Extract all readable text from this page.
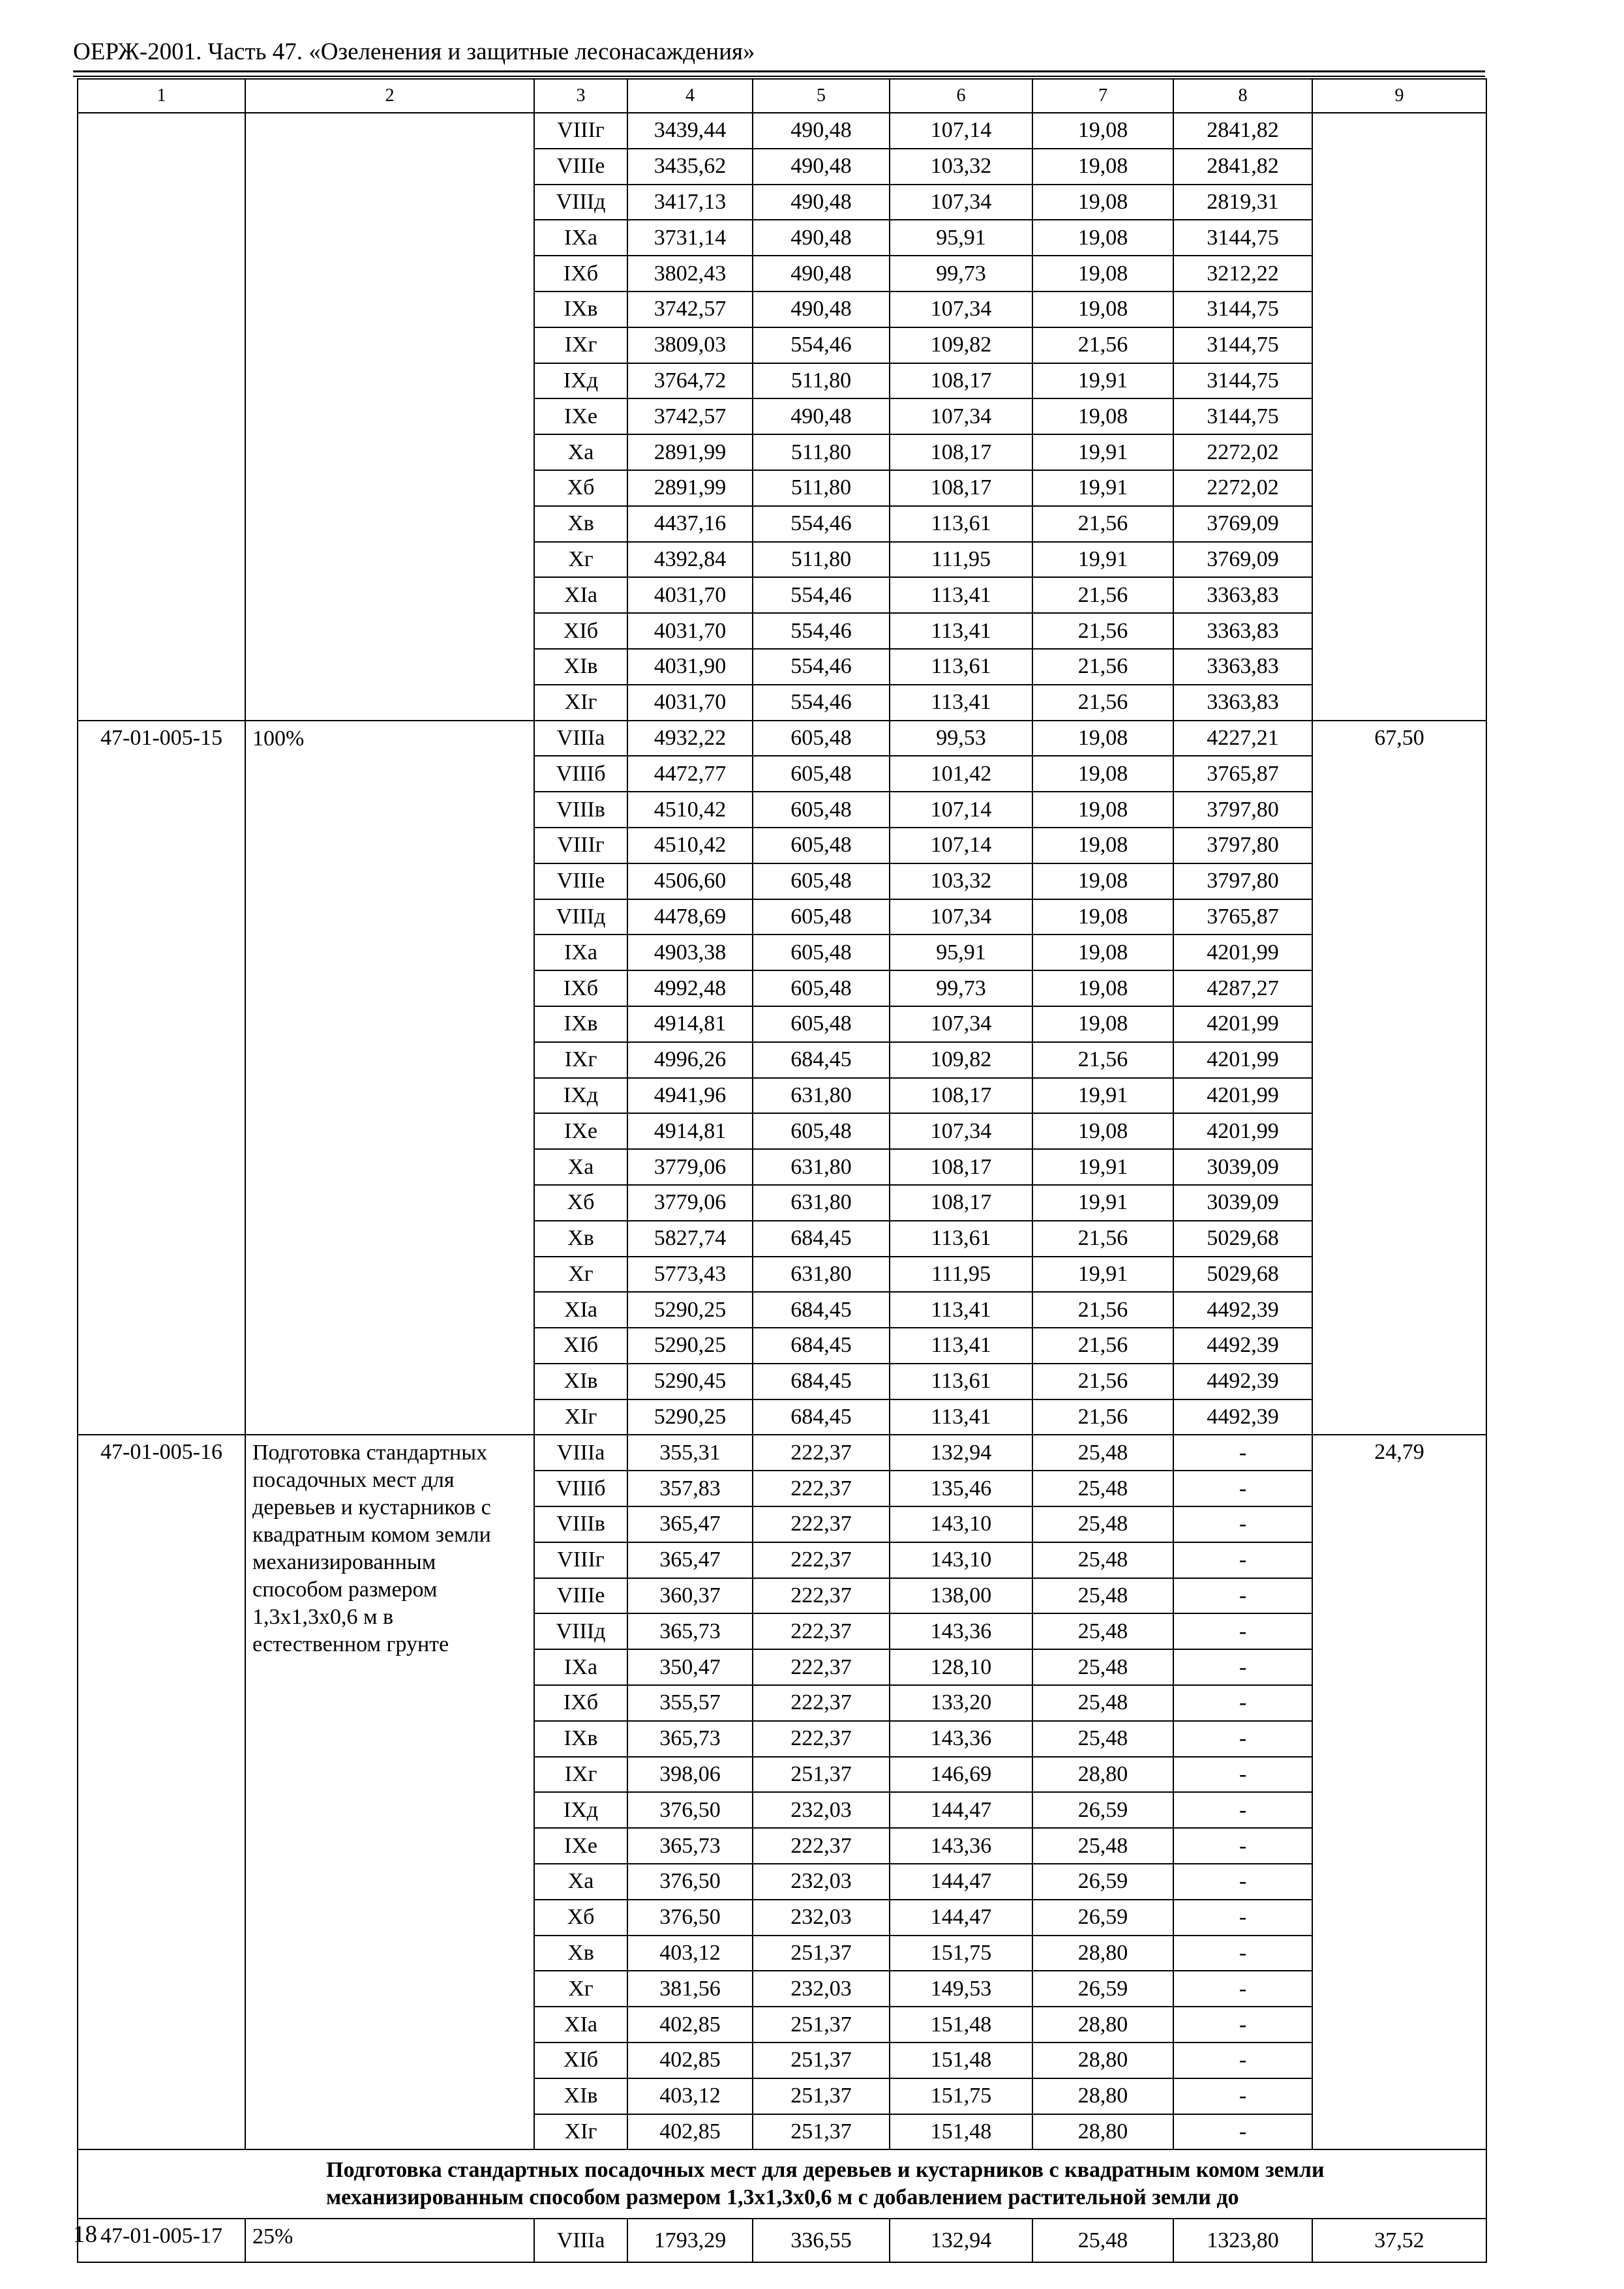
ОЕРЖ-2001. Часть 47. «Озеленения и защитные лесонасаждения»
1	2	3	4	5	6	7	8	9
		VIIIг	3439,44	490,48	107,14	19,08	2841,82	
		VIIIе	3435,62	490,48	103,32	19,08	2841,82	
		VIIIд	3417,13	490,48	107,34	19,08	2819,31	
		IXа	3731,14	490,48	95,91	19,08	3144,75	
		IXб	3802,43	490,48	99,73	19,08	3212,22	
		IXв	3742,57	490,48	107,34	19,08	3144,75	
		IXг	3809,03	554,46	109,82	21,56	3144,75	
		IXд	3764,72	511,80	108,17	19,91	3144,75	
		IXе	3742,57	490,48	107,34	19,08	3144,75	
		Xа	2891,99	511,80	108,17	19,91	2272,02	
		Xб	2891,99	511,80	108,17	19,91	2272,02	
		Xв	4437,16	554,46	113,61	21,56	3769,09	
		Xг	4392,84	511,80	111,95	19,91	3769,09	
		XIа	4031,70	554,46	113,41	21,56	3363,83	
		XIб	4031,70	554,46	113,41	21,56	3363,83	
		XIв	4031,90	554,46	113,61	21,56	3363,83	
		XIг	4031,70	554,46	113,41	21,56	3363,83	
47-01-005-15	100%	VIIIа	4932,22	605,48	99,53	19,08	4227,21	67,50
		VIIIб	4472,77	605,48	101,42	19,08	3765,87	
		VIIIв	4510,42	605,48	107,14	19,08	3797,80	
		VIIIг	4510,42	605,48	107,14	19,08	3797,80	
		VIIIе	4506,60	605,48	103,32	19,08	3797,80	
		VIIIд	4478,69	605,48	107,34	19,08	3765,87	
		IXа	4903,38	605,48	95,91	19,08	4201,99	
		IXб	4992,48	605,48	99,73	19,08	4287,27	
		IXв	4914,81	605,48	107,34	19,08	4201,99	
		IXг	4996,26	684,45	109,82	21,56	4201,99	
		IXд	4941,96	631,80	108,17	19,91	4201,99	
		IXе	4914,81	605,48	107,34	19,08	4201,99	
		Xа	3779,06	631,80	108,17	19,91	3039,09	
		Xб	3779,06	631,80	108,17	19,91	3039,09	
		Xв	5827,74	684,45	113,61	21,56	5029,68	
		Xг	5773,43	631,80	111,95	19,91	5029,68	
		XIа	5290,25	684,45	113,41	21,56	4492,39	
		XIб	5290,25	684,45	113,41	21,56	4492,39	
		XIв	5290,45	684,45	113,61	21,56	4492,39	
		XIг	5290,25	684,45	113,41	21,56	4492,39	
47-01-005-16	Подготовка стандартных посадочных мест для деревьев и кустарников с квадратным комом земли механизированным способом размером 1,3х1,3х0,6 м в естественном грунте	VIIIа	355,31	222,37	132,94	25,48	-	24,79
		VIIIб	357,83	222,37	135,46	25,48	-	
		VIIIв	365,47	222,37	143,10	25,48	-	
		VIIIг	365,47	222,37	143,10	25,48	-	
		VIIIе	360,37	222,37	138,00	25,48	-	
		VIIIд	365,73	222,37	143,36	25,48	-	
		IXа	350,47	222,37	128,10	25,48	-	
		IXб	355,57	222,37	133,20	25,48	-	
		IXв	365,73	222,37	143,36	25,48	-	
		IXг	398,06	251,37	146,69	28,80	-	
		IXд	376,50	232,03	144,47	26,59	-	
		IXе	365,73	222,37	143,36	25,48	-	
		Xа	376,50	232,03	144,47	26,59	-	
		Xб	376,50	232,03	144,47	26,59	-	
		Xв	403,12	251,37	151,75	28,80	-	
		Xг	381,56	232,03	149,53	26,59	-	
		XIа	402,85	251,37	151,48	28,80	-	
		XIб	402,85	251,37	151,48	28,80	-	
		XIв	403,12	251,37	151,75	28,80	-	
		XIг	402,85	251,37	151,48	28,80	-	
Подготовка стандартных посадочных мест для деревьев и кустарников с квадратным комом земли механизированным способом размером 1,3х1,3х0,6 м с добавлением растительной земли до								
47-01-005-17	25%	VIIIа	1793,29	336,55	132,94	25,48	1323,80	37,52
18
